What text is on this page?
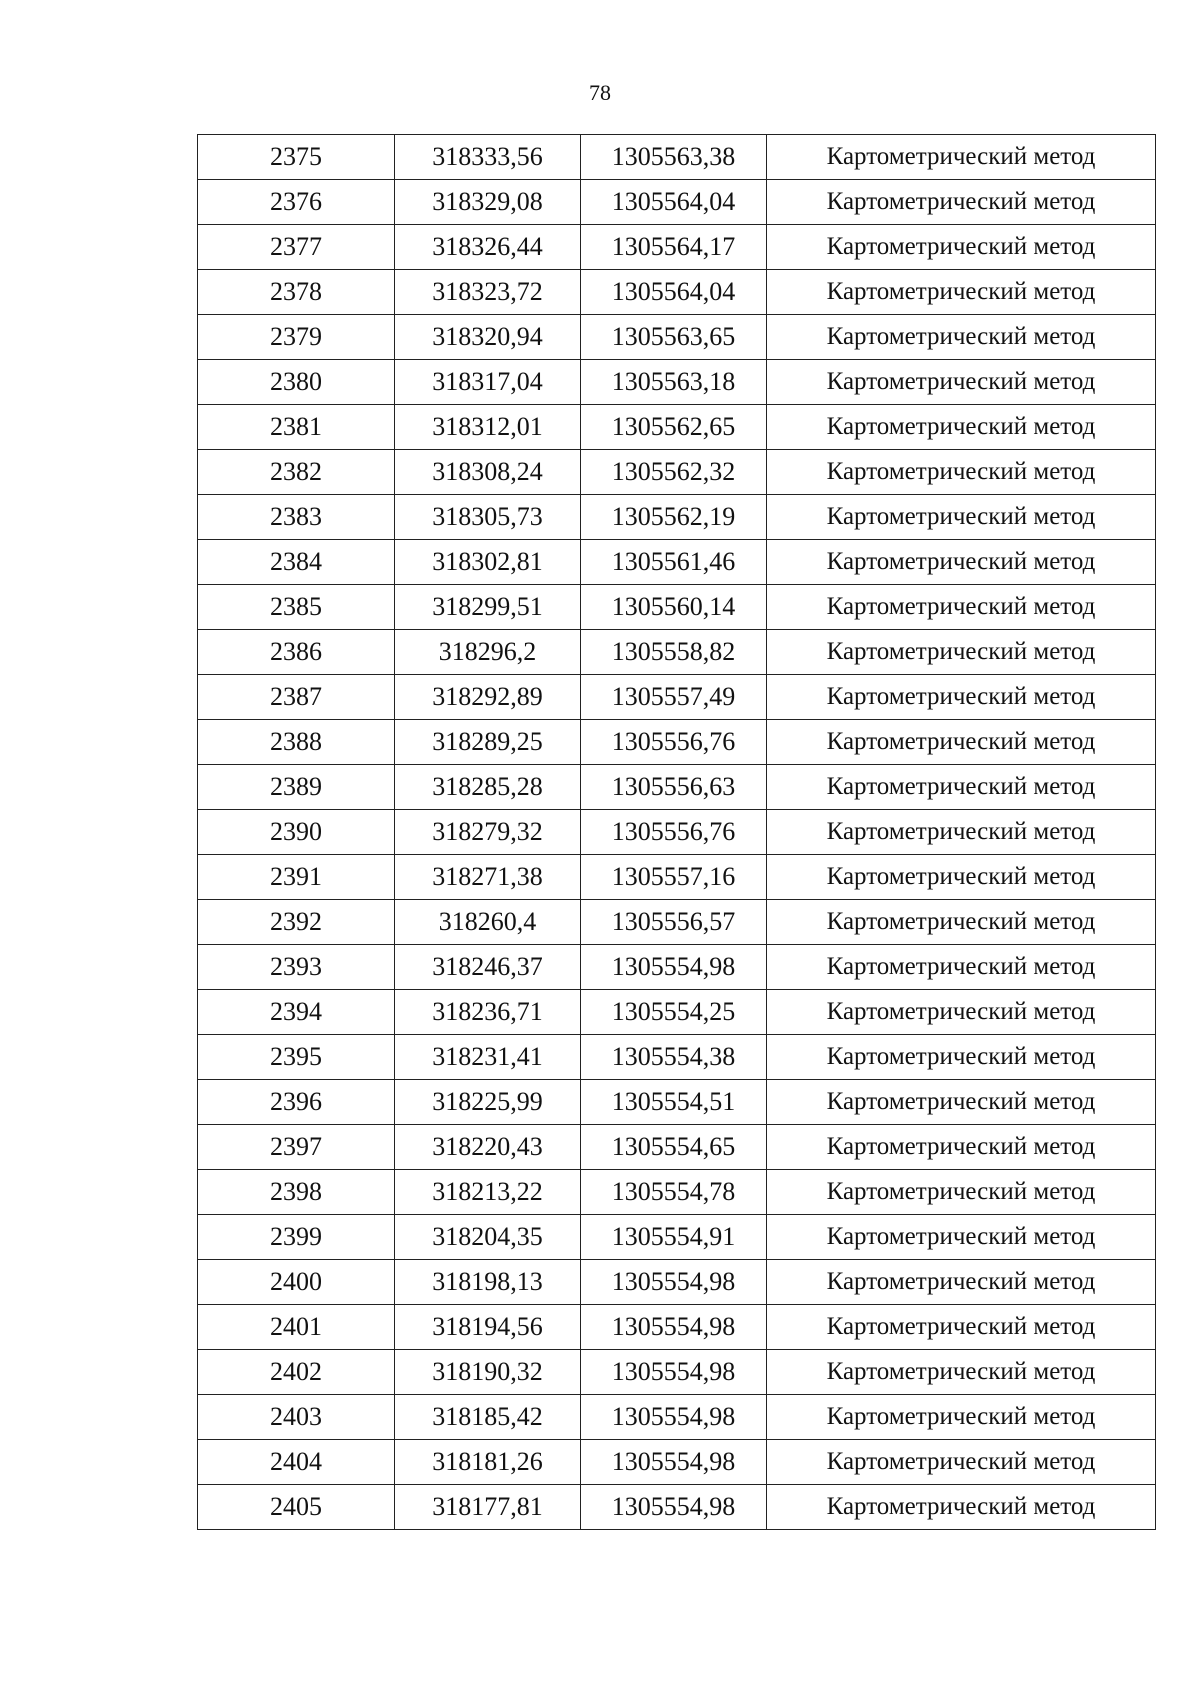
78
2375	318333,56	1305563,38	Картометрический метод
2376	318329,08	1305564,04	Картометрический метод
2377	318326,44	1305564,17	Картометрический метод
2378	318323,72	1305564,04	Картометрический метод
2379	318320,94	1305563,65	Картометрический метод
2380	318317,04	1305563,18	Картометрический метод
2381	318312,01	1305562,65	Картометрический метод
2382	318308,24	1305562,32	Картометрический метод
2383	318305,73	1305562,19	Картометрический метод
2384	318302,81	1305561,46	Картометрический метод
2385	318299,51	1305560,14	Картометрический метод
2386	318296,2	1305558,82	Картометрический метод
2387	318292,89	1305557,49	Картометрический метод
2388	318289,25	1305556,76	Картометрический метод
2389	318285,28	1305556,63	Картометрический метод
2390	318279,32	1305556,76	Картометрический метод
2391	318271,38	1305557,16	Картометрический метод
2392	318260,4	1305556,57	Картометрический метод
2393	318246,37	1305554,98	Картометрический метод
2394	318236,71	1305554,25	Картометрический метод
2395	318231,41	1305554,38	Картометрический метод
2396	318225,99	1305554,51	Картометрический метод
2397	318220,43	1305554,65	Картометрический метод
2398	318213,22	1305554,78	Картометрический метод
2399	318204,35	1305554,91	Картометрический метод
2400	318198,13	1305554,98	Картометрический метод
2401	318194,56	1305554,98	Картометрический метод
2402	318190,32	1305554,98	Картометрический метод
2403	318185,42	1305554,98	Картометрический метод
2404	318181,26	1305554,98	Картометрический метод
2405	318177,81	1305554,98	Картометрический метод
